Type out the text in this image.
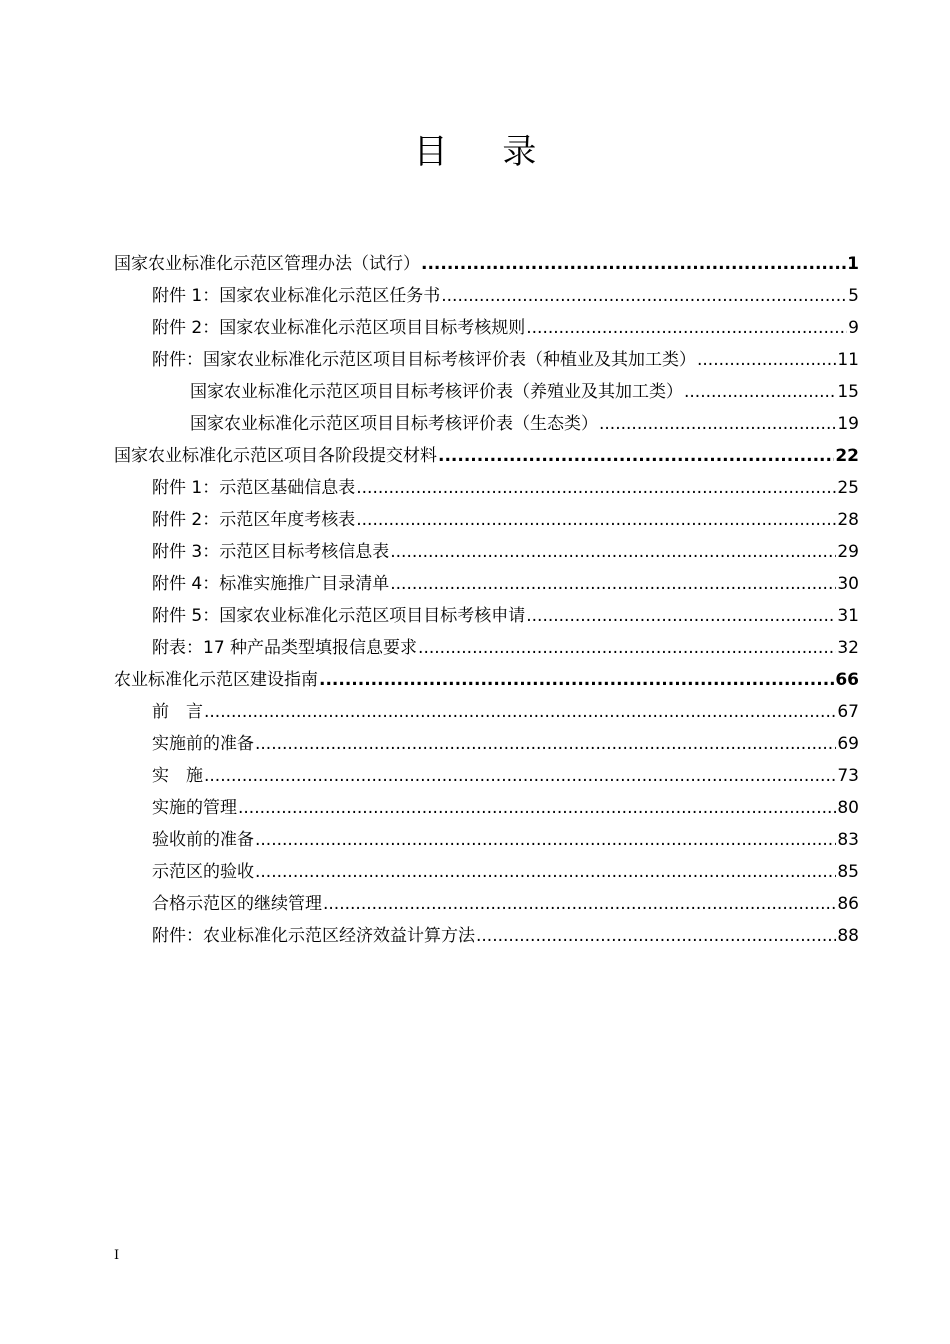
目 录
国家农业标准化示范区管理办法（试行） .....	1
附件 1：国家农业标准化示范区任务书 .....	5
附件 2：国家农业标准化示范区项目目标考核规则 .....	9
附件：国家农业标准化示范区项目目标考核评价表（种植业及其加工类） .....	11
国家农业标准化示范区项目目标考核评价表（养殖业及其加工类） .....	15
国家农业标准化示范区项目目标考核评价表（生态类） .....	19
国家农业标准化示范区项目各阶段提交材料 .....	22
附件 1：示范区基础信息表 .....	25
附件 2：示范区年度考核表 .....	28
附件 3：示范区目标考核信息表 .....	29
附件 4：标准实施推广目录清单 .....	30
附件 5：国家农业标准化示范区项目目标考核申请 .....	31
附表：17 种产品类型填报信息要求 .....	32
农业标准化示范区建设指南 .....	66
前　言 .....	67
实施前的准备 .....	69
实　施 .....	73
实施的管理 .....	80
验收前的准备 .....	83
示范区的验收 .....	85
合格示范区的继续管理 .....	86
附件：农业标准化示范区经济效益计算方法 .....	88
I
